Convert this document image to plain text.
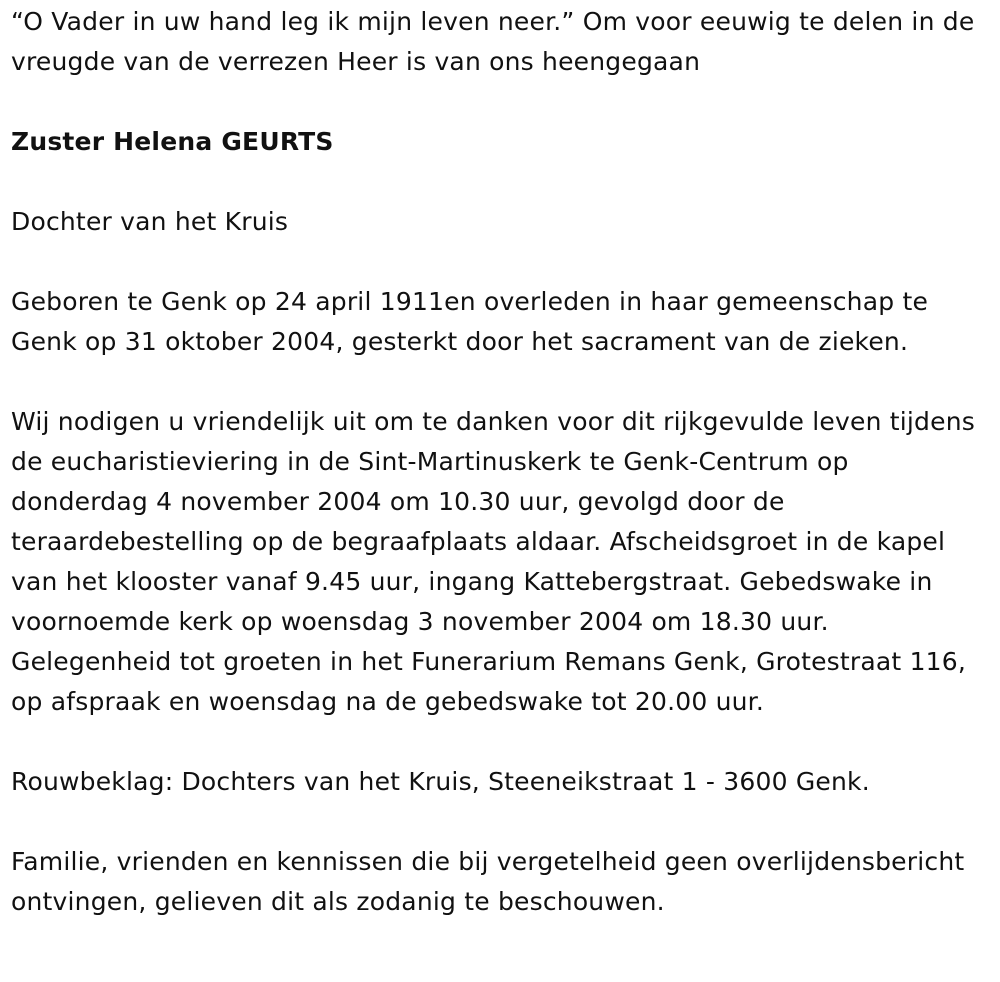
“O Vader in uw hand leg ik mijn leven neer.” Om voor eeuwig te delen in de vreugde van de verrezen Heer is van ons heengegaan

Zuster Helena GEURTS

Dochter van het Kruis

Geboren te Genk op 24 april 1911en overleden in haar gemeenschap te Genk op 31 oktober 2004, gesterkt door het sacrament van de zieken.

Wij nodigen u vriendelijk uit om te danken voor dit rijkgevulde leven tijdens de eucharistieviering in de Sint-Martinuskerk te Genk-Centrum op donderdag 4 november 2004 om 10.30 uur, gevolgd door de teraardebestelling op de begraafplaats aldaar. Afscheidsgroet in de kapel van het klooster vanaf 9.45 uur, ingang Kattebergstraat. Gebedswake in voornoemde kerk op woensdag 3 november 2004 om 18.30 uur. Gelegenheid tot groeten in het Funerarium Remans Genk, Grotestraat 116, op afspraak en woensdag na de gebedswake tot 20.00 uur.

Rouwbeklag: Dochters van het Kruis, Steeneikstraat 1 - 3600 Genk.

Familie, vrienden en kennissen die bij vergetelheid geen overlijdensbericht ontvingen, gelieven dit als zodanig te beschouwen.
